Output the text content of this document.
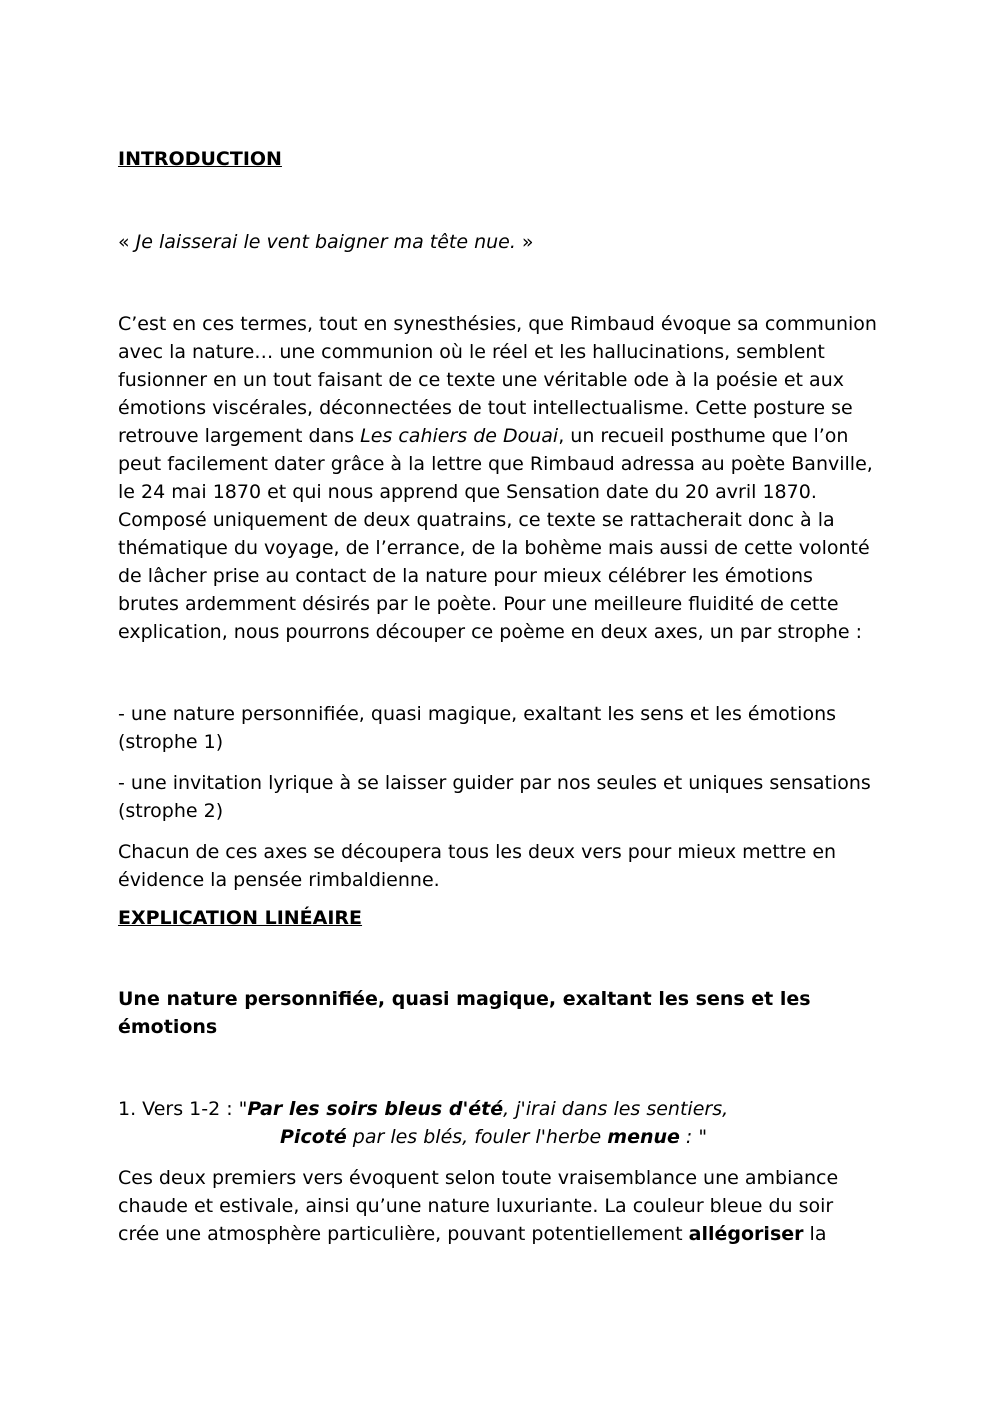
INTRODUCTION

« Je laisserai le vent baigner ma tête nue. »

C’est en ces termes, tout en synesthésies, que Rimbaud évoque sa communion avec la nature… une communion où le réel et les hallucinations, semblent fusionner en un tout faisant de ce texte une véritable ode à la poésie et aux émotions viscérales, déconnectées de tout intellectualisme. Cette posture se retrouve largement dans Les cahiers de Douai, un recueil posthume que l’on peut facilement dater grâce à la lettre que Rimbaud adressa au poète Banville, le 24 mai 1870 et qui nous apprend que Sensation date du 20 avril 1870. Composé uniquement de deux quatrains, ce texte se rattacherait donc à la thématique du voyage, de l’errance, de la bohème mais aussi de cette volonté de lâcher prise au contact de la nature pour mieux célébrer les émotions brutes ardemment désirés par le poète. Pour une meilleure fluidité de cette explication, nous pourrons découper ce poème en deux axes, un par strophe :

- une nature personnifiée, quasi magique, exaltant les sens et les émotions (strophe 1)

- une invitation lyrique à se laisser guider par nos seules et uniques sensations (strophe 2)

Chacun de ces axes se découpera tous les deux vers pour mieux mettre en évidence la pensée rimbaldienne.

EXPLICATION LINÉAIRE

Une nature personnifiée, quasi magique, exaltant les sens et les émotions

1. Vers 1-2 : "Par les soirs bleus d'été, j'irai dans les sentiers,

Picoté par les blés, fouler l'herbe menue : "

Ces deux premiers vers évoquent selon toute vraisemblance une ambiance chaude et estivale, ainsi qu’une nature luxuriante. La couleur bleue du soir crée une atmosphère particulière, pouvant potentiellement allégoriser la
